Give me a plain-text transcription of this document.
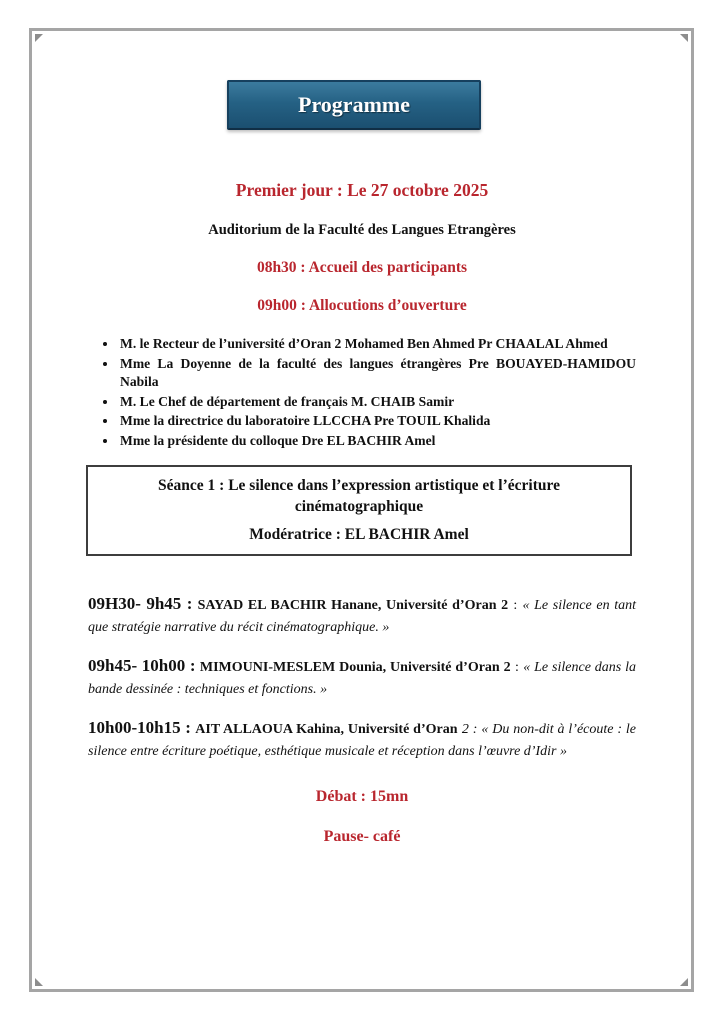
Programme
Premier jour : Le 27 octobre 2025
Auditorium de la Faculté des Langues Etrangères
08h30 : Accueil des participants
09h00 : Allocutions d’ouverture
• M. le Recteur de l’université d’Oran 2 Mohamed Ben Ahmed Pr CHAALAL Ahmed
• Mme La Doyenne de la faculté des langues étrangères Pre BOUAYED-HAMIDOU Nabila
• M. Le Chef de département de français M. CHAIB Samir
• Mme la directrice du laboratoire LLCCHA Pre TOUIL Khalida
• Mme la présidente du colloque Dre EL BACHIR Amel

Séance 1 : Le silence dans l’expression artistique et l’écriture cinématographique

Modératrice : EL BACHIR Amel

09H30- 9h45 : SAYAD EL BACHIR Hanane, Université d’Oran 2 : « Le silence en tant que stratégie narrative du récit cinématographique. »

09h45- 10h00 : MIMOUNI-MESLEM Dounia, Université d’Oran 2 : « Le silence dans la bande dessinée : techniques et fonctions. »

10h00-10h15 : AIT ALLAOUA Kahina, Université d’Oran 2 : « Du non-dit à l’écoute : le silence entre écriture poétique, esthétique musicale et réception dans l’œuvre d’Idir »

Débat : 15mn

Pause- café
